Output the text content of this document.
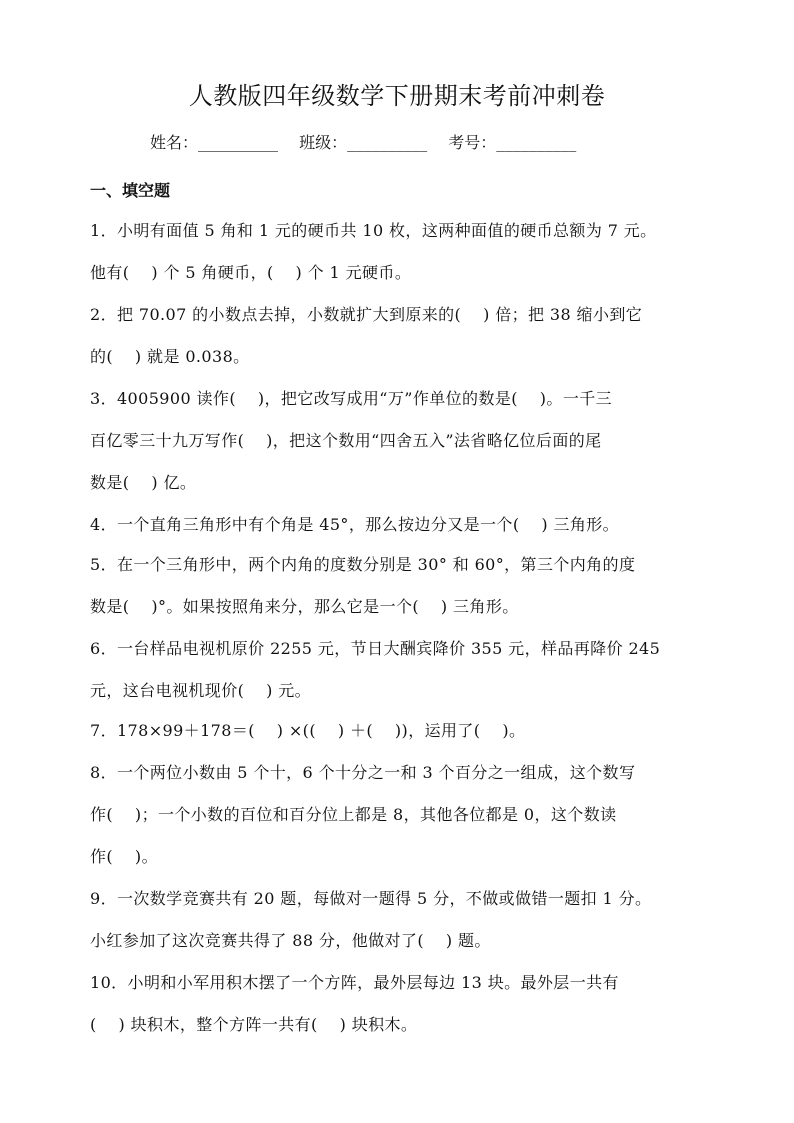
人教版四年级数学下册期末考前冲刺卷
姓名：__________ 班级：__________ 考号：__________
一、填空题
1．小明有面值 5 角和 1 元的硬币共 10 枚，这两种面值的硬币总额为 7 元。
他有(　 ) 个 5 角硬币，(　 ) 个 1 元硬币。
2．把 70.07 的小数点去掉，小数就扩大到原来的(　 ) 倍；把 38 缩小到它
的(　 ) 就是 0.038。
3．4005900 读作(　 )，把它改写成用“万”作单位的数是(　 )。一千三
百亿零三十九万写作(　 )，把这个数用“四舍五入”法省略亿位后面的尾
数是(　 ) 亿。
4．一个直角三角形中有个角是 45°，那么按边分又是一个(　 ) 三角形。
5．在一个三角形中，两个内角的度数分别是 30° 和 60°，第三个内角的度
数是(　 )°。如果按照角来分，那么它是一个(　 ) 三角形。
6．一台样品电视机原价 2255 元，节日大酬宾降价 355 元，样品再降价 245
元，这台电视机现价(　 ) 元。
7．178×99＋178＝(　 ) ×((　 ) ＋(　 ))，运用了(　 )。
8．一个两位小数由 5 个十，6 个十分之一和 3 个百分之一组成，这个数写
作(　 )；一个小数的百位和百分位上都是 8，其他各位都是 0，这个数读
作(　 )。
9．一次数学竞赛共有 20 题，每做对一题得 5 分，不做或做错一题扣 1 分。
小红参加了这次竞赛共得了 88 分，他做对了(　 ) 题。
10．小明和小军用积木摆了一个方阵，最外层每边 13 块。最外层一共有
(　 ) 块积木，整个方阵一共有(　 ) 块积木。
